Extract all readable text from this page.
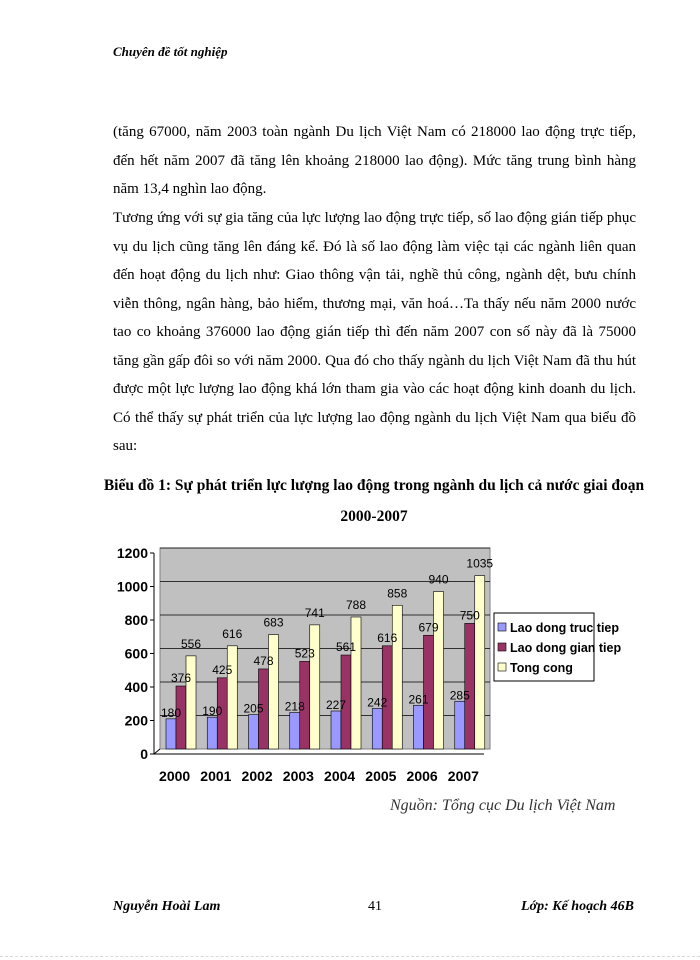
Chuyên đề tốt nghiệp

(tăng 67000, năm 2003 toàn ngành Du lịch Việt Nam có 218000 lao động trực tiếp, đến hết năm 2007 đã tăng lên khoảng 218000 lao động). Mức tăng trung bình hàng năm 13,4 nghìn lao động.

Tương ứng với sự gia tăng của lực lượng lao động trực tiếp, số lao động gián tiếp phục vụ du lịch cũng tăng lên đáng kể. Đó là số lao động làm việc tại các ngành liên quan đến hoạt động du lịch như: Giao thông vận tải, nghề thủ công, ngành dệt, bưu chính viễn thông, ngân hàng, bảo hiểm, thương mại, văn hoá…Ta thấy nếu năm 2000 nước tao co khoảng 376000 lao động gián tiếp thì đến năm 2007 con số này đã là 75000 tăng gần gấp đôi so với năm 2000. Qua đó cho thấy ngành du lịch Việt Nam đã thu hút được một lực lượng lao động khá lớn tham gia vào các hoạt động kinh doanh du lịch. Có thể thấy sự phát triển của lực lượng lao động ngành du lịch Việt Nam qua biểu đồ sau:

Biểu đồ 1: Sự phát triển lực lượng lao động trong ngành du lịch cả nước giai đoạn 2000-2007
0
200
400
600
800
1000
1200
180
376
556
2000
190
425
616
2001
205
478
683
2002
218
523
741
2003
227
561
788
2004
242
616
858
2005
261
679
940
2006
285
750
1035
2007
Lao dong truc tiep
Lao dong gian tiep
Tong cong
Nguồn: Tổng cục Du lịch Việt Nam
Nguyễn Hoài Lam	41	Lớp: Kế hoạch 46B
